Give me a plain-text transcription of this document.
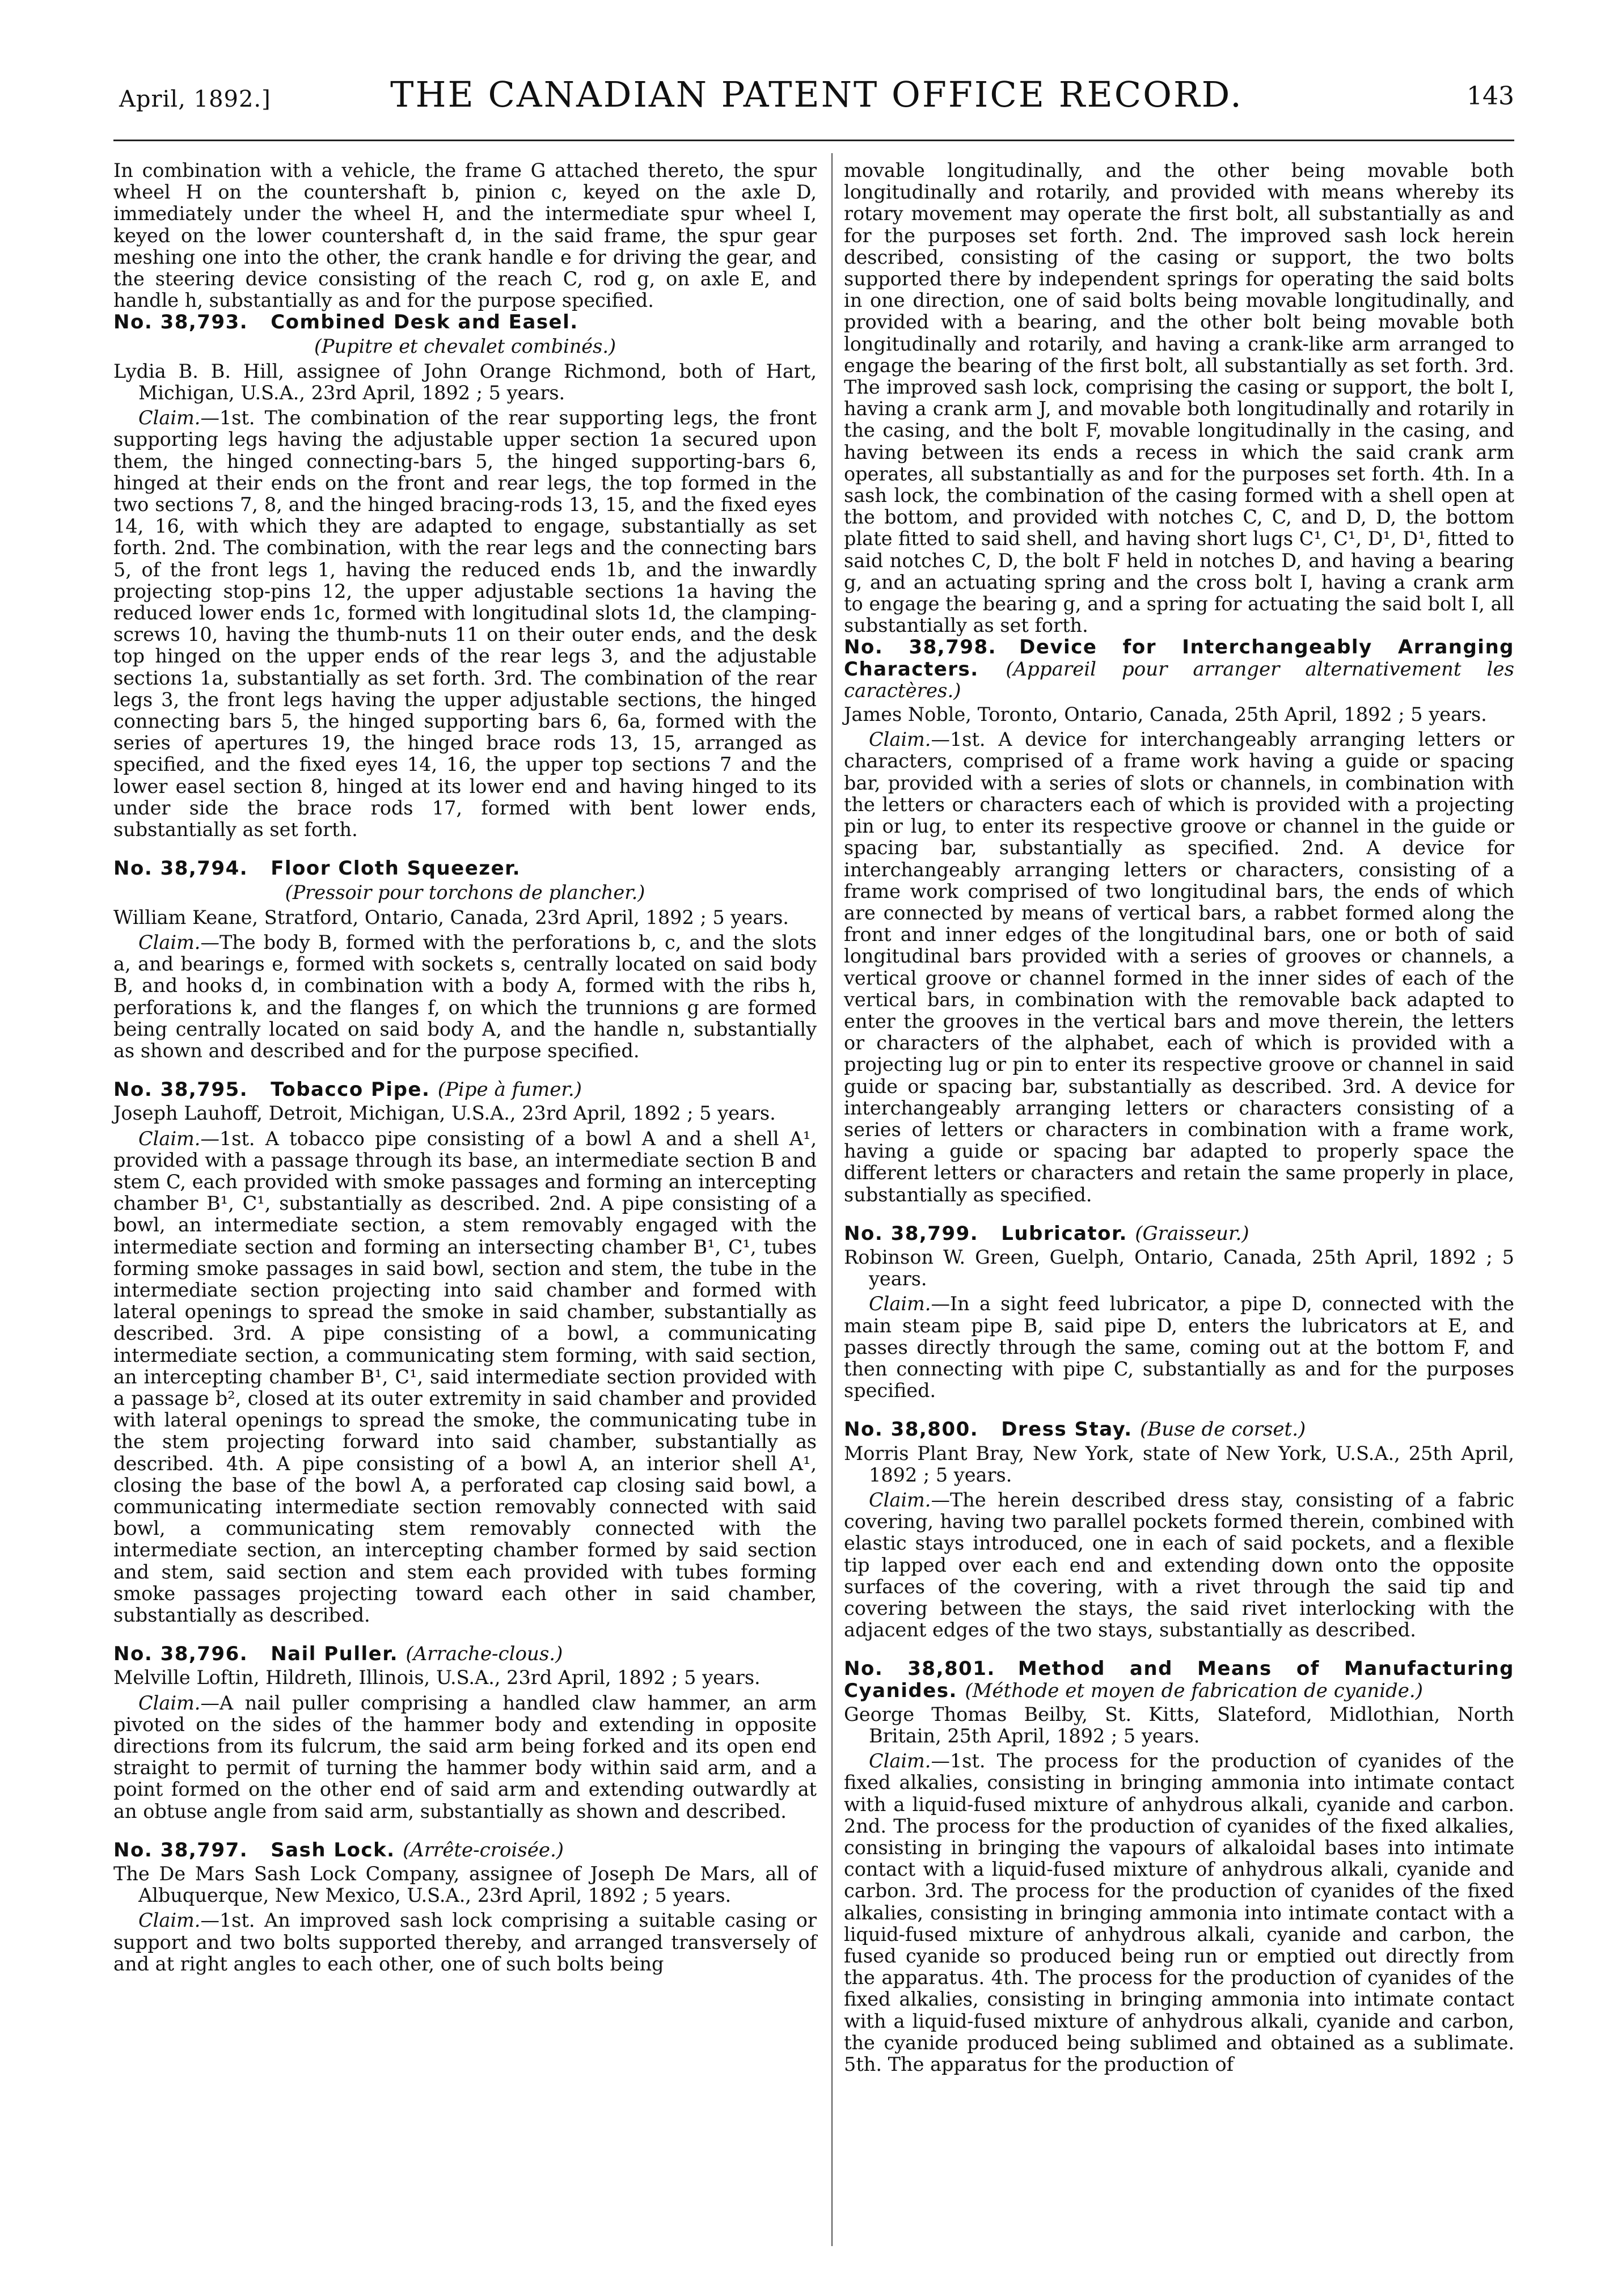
April, 1892.]	THE CANADIAN PATENT OFFICE RECORD.	143

In combination with a vehicle, the frame G attached thereto, the spur wheel H on the countershaft b, pinion c, keyed on the axle D, immediately under the wheel H, and the intermediate spur wheel I, keyed on the lower countershaft d, in the said frame, the spur gear meshing one into the other, the crank handle e for driving the gear, and the steering device consisting of the reach C, rod g, on axle E, and handle h, substantially as and for the purpose specified.

No. 38,793. Combined Desk and Easel.
(Pupitre et chevalet combinés.)

Lydia B. B. Hill, assignee of John Orange Richmond, both of Hart, Michigan, U.S.A., 23rd April, 1892 ; 5 years.

Claim.—1st. The combination of the rear supporting legs, the front supporting legs having the adjustable upper section 1a secured upon them, the hinged connecting-bars 5, the hinged supporting-bars 6, hinged at their ends on the front and rear legs, the top formed in the two sections 7, 8, and the hinged bracing-rods 13, 15, and the fixed eyes 14, 16, with which they are adapted to engage, substantially as set forth. 2nd. The combination, with the rear legs and the connecting bars 5, of the front legs 1, having the reduced ends 1b, and the inwardly projecting stop-pins 12, the upper adjustable sections 1a having the reduced lower ends 1c, formed with longitudinal slots 1d, the clamping-screws 10, having the thumb-nuts 11 on their outer ends, and the desk top hinged on the upper ends of the rear legs 3, and the adjustable sections 1a, substantially as set forth. 3rd. The combination of the rear legs 3, the front legs having the upper adjustable sections, the hinged connecting bars 5, the hinged supporting bars 6, 6a, formed with the series of apertures 19, the hinged brace rods 13, 15, arranged as specified, and the fixed eyes 14, 16, the upper top sections 7 and the lower easel section 8, hinged at its lower end and having hinged to its under side the brace rods 17, formed with bent lower ends, substantially as set forth.

No. 38,794. Floor Cloth Squeezer.
(Pressoir pour torchons de plancher.)

William Keane, Stratford, Ontario, Canada, 23rd April, 1892 ; 5 years.

Claim.—The body B, formed with the perforations b, c, and the slots a, and bearings e, formed with sockets s, centrally located on said body B, and hooks d, in combination with a body A, formed with the ribs h, perforations k, and the flanges f, on which the trunnions g are formed being centrally located on said body A, and the handle n, substantially as shown and described and for the purpose specified.

No. 38,795. Tobacco Pipe. (Pipe à fumer.)

Joseph Lauhoff, Detroit, Michigan, U.S.A., 23rd April, 1892 ; 5 years.

Claim.—1st. A tobacco pipe consisting of a bowl A and a shell A¹, provided with a passage through its base, an intermediate section B and stem C, each provided with smoke passages and forming an intercepting chamber B¹, C¹, substantially as described. 2nd. A pipe consisting of a bowl, an intermediate section, a stem removably engaged with the intermediate section and forming an intersecting chamber B¹, C¹, tubes forming smoke passages in said bowl, section and stem, the tube in the intermediate section projecting into said chamber and formed with lateral openings to spread the smoke in said chamber, substantially as described. 3rd. A pipe consisting of a bowl, a communicating intermediate section, a communicating stem forming, with said section, an intercepting chamber B¹, C¹, said intermediate section provided with a passage b², closed at its outer extremity in said chamber and provided with lateral openings to spread the smoke, the communicating tube in the stem projecting forward into said chamber, substantially as described. 4th. A pipe consisting of a bowl A, an interior shell A¹, closing the base of the bowl A, a perforated cap closing said bowl, a communicating intermediate section removably connected with said bowl, a communicating stem removably connected with the intermediate section, an intercepting chamber formed by said section and stem, said section and stem each provided with tubes forming smoke passages projecting toward each other in said chamber, substantially as described.

No. 38,796. Nail Puller. (Arrache-clous.)

Melville Loftin, Hildreth, Illinois, U.S.A., 23rd April, 1892 ; 5 years.

Claim.—A nail puller comprising a handled claw hammer, an arm pivoted on the sides of the hammer body and extending in opposite directions from its fulcrum, the said arm being forked and its open end straight to permit of turning the hammer body within said arm, and a point formed on the other end of said arm and extending outwardly at an obtuse angle from said arm, substantially as shown and described.

No. 38,797. Sash Lock. (Arrête-croisée.)

The De Mars Sash Lock Company, assignee of Joseph De Mars, all of Albuquerque, New Mexico, U.S.A., 23rd April, 1892 ; 5 years.

Claim.—1st. An improved sash lock comprising a suitable casing or support and two bolts supported thereby, and arranged transversely of and at right angles to each other, one of such bolts being

movable longitudinally, and the other being movable both longitudinally and rotarily, and provided with means whereby its rotary movement may operate the first bolt, all substantially as and for the purposes set forth. 2nd. The improved sash lock herein described, consisting of the casing or support, the two bolts supported there by independent springs for operating the said bolts in one direction, one of said bolts being movable longitudinally, and provided with a bearing, and the other bolt being movable both longitudinally and rotarily, and having a crank-like arm arranged to engage the bearing of the first bolt, all substantially as set forth. 3rd. The improved sash lock, comprising the casing or support, the bolt I, having a crank arm J, and movable both longitudinally and rotarily in the casing, and the bolt F, movable longitudinally in the casing, and having between its ends a recess in which the said crank arm operates, all substantially as and for the purposes set forth. 4th. In a sash lock, the combination of the casing formed with a shell open at the bottom, and provided with notches C, C, and D, D, the bottom plate fitted to said shell, and having short lugs C¹, C¹, D¹, D¹, fitted to said notches C, D, the bolt F held in notches D, and having a bearing g, and an actuating spring and the cross bolt I, having a crank arm to engage the bearing g, and a spring for actuating the said bolt I, all substantially as set forth.

No. 38,798. Device for Interchangeably Arranging Characters. (Appareil pour arranger alternativement les caractères.)

James Noble, Toronto, Ontario, Canada, 25th April, 1892 ; 5 years.

Claim.—1st. A device for interchangeably arranging letters or characters, comprised of a frame work having a guide or spacing bar, provided with a series of slots or channels, in combination with the letters or characters each of which is provided with a projecting pin or lug, to enter its respective groove or channel in the guide or spacing bar, substantially as specified. 2nd. A device for interchangeably arranging letters or characters, consisting of a frame work comprised of two longitudinal bars, the ends of which are connected by means of vertical bars, a rabbet formed along the front and inner edges of the longitudinal bars, one or both of said longitudinal bars provided with a series of grooves or channels, a vertical groove or channel formed in the inner sides of each of the vertical bars, in combination with the removable back adapted to enter the grooves in the vertical bars and move therein, the letters or characters of the alphabet, each of which is provided with a projecting lug or pin to enter its respective groove or channel in said guide or spacing bar, substantially as described. 3rd. A device for interchangeably arranging letters or characters consisting of a series of letters or characters in combination with a frame work, having a guide or spacing bar adapted to properly space the different letters or characters and retain the same properly in place, substantially as specified.

No. 38,799. Lubricator. (Graisseur.)

Robinson W. Green, Guelph, Ontario, Canada, 25th April, 1892 ; 5 years.

Claim.—In a sight feed lubricator, a pipe D, connected with the main steam pipe B, said pipe D, enters the lubricators at E, and passes directly through the same, coming out at the bottom F, and then connecting with pipe C, substantially as and for the purposes specified.

No. 38,800. Dress Stay. (Buse de corset.)

Morris Plant Bray, New York, state of New York, U.S.A., 25th April, 1892 ; 5 years.

Claim.—The herein described dress stay, consisting of a fabric covering, having two parallel pockets formed therein, combined with elastic stays introduced, one in each of said pockets, and a flexible tip lapped over each end and extending down onto the opposite surfaces of the covering, with a rivet through the said tip and covering between the stays, the said rivet interlocking with the adjacent edges of the two stays, substantially as described.

No. 38,801. Method and Means of Manufacturing Cyanides. (Méthode et moyen de fabrication de cyanide.)

George Thomas Beilby, St. Kitts, Slateford, Midlothian, North Britain, 25th April, 1892 ; 5 years.

Claim.—1st. The process for the production of cyanides of the fixed alkalies, consisting in bringing ammonia into intimate contact with a liquid-fused mixture of anhydrous alkali, cyanide and carbon. 2nd. The process for the production of cyanides of the fixed alkalies, consisting in bringing the vapours of alkaloidal bases into intimate contact with a liquid-fused mixture of anhydrous alkali, cyanide and carbon. 3rd. The process for the production of cyanides of the fixed alkalies, consisting in bringing ammonia into intimate contact with a liquid-fused mixture of anhydrous alkali, cyanide and carbon, the fused cyanide so produced being run or emptied out directly from the apparatus. 4th. The process for the production of cyanides of the fixed alkalies, consisting in bringing ammonia into intimate contact with a liquid-fused mixture of anhydrous alkali, cyanide and carbon, the cyanide produced being sublimed and obtained as a sublimate. 5th. The apparatus for the production of
